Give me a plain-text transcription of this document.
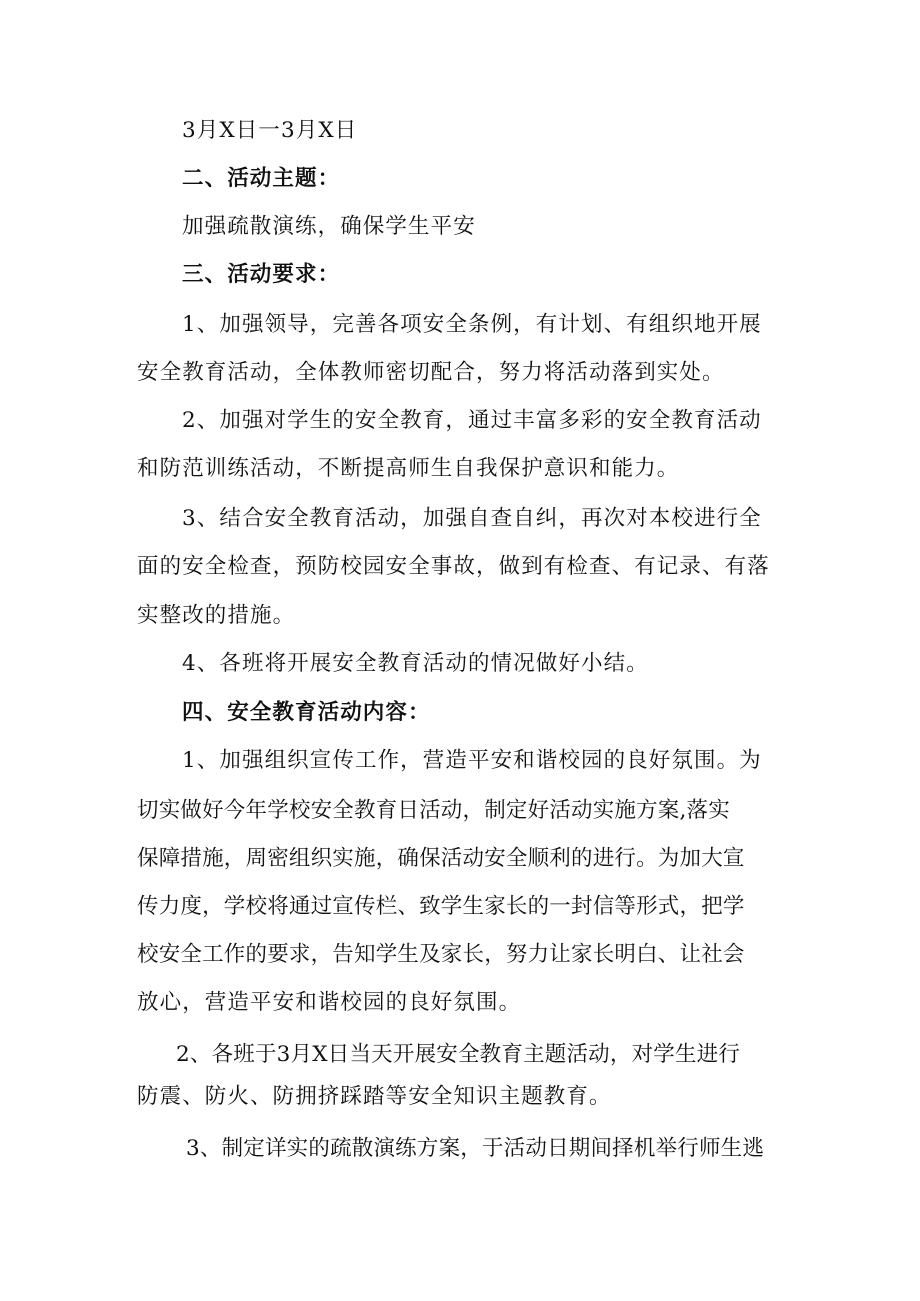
3月X日一3月X日
二、活动主题：
加强疏散演练，确保学生平安
三、活动要求：
1、加强领导，完善各项安全条例，有计划、有组织地开展
安全教育活动，全体教师密切配合，努力将活动落到实处。
2、加强对学生的安全教育，通过丰富多彩的安全教育活动
和防范训练活动，不断提高师生自我保护意识和能力。
3、结合安全教育活动，加强自查自纠，再次对本校进行全
面的安全检查，预防校园安全事故，做到有检查、有记录、有落
实整改的措施。
4、各班将开展安全教育活动的情况做好小结。
四、安全教育活动内容：
1、加强组织宣传工作，营造平安和谐校园的良好氛围。为
切实做好今年学校安全教育日活动，制定好活动实施方案,落实
保障措施，周密组织实施，确保活动安全顺利的进行。为加大宣
传力度，学校将通过宣传栏、致学生家长的一封信等形式，把学
校安全工作的要求，告知学生及家长，努力让家长明白、让社会
放心，营造平安和谐校园的良好氛围。
2、各班于3月X日当天开展安全教育主题活动，对学生进行
防震、防火、防拥挤踩踏等安全知识主题教育。
3、制定详实的疏散演练方案，于活动日期间择机举行师生逃
